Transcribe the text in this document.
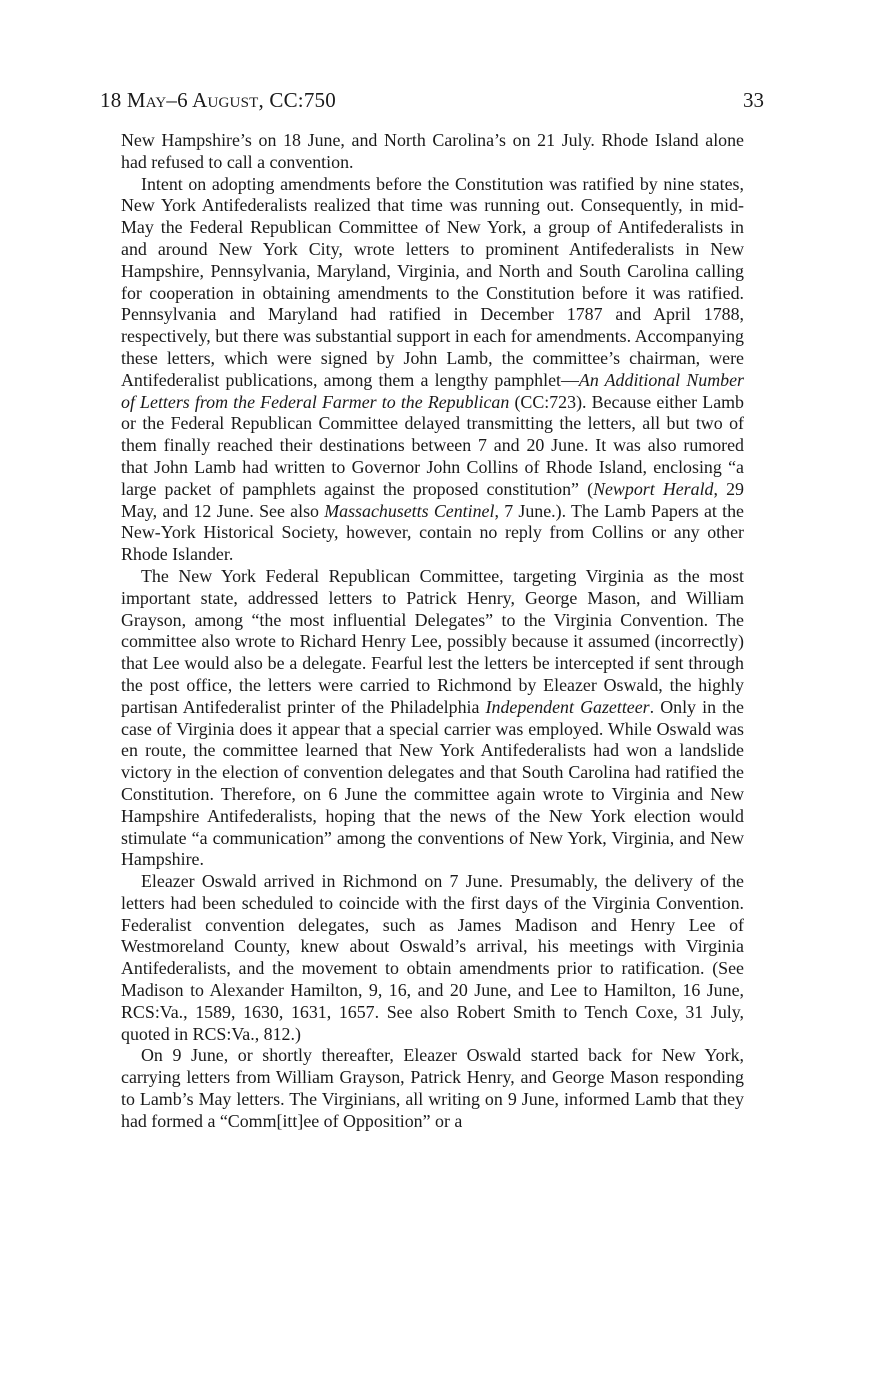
18 May–6 August, CC:750	33

New Hampshire’s on 18 June, and North Carolina’s on 21 July. Rhode Island alone had refused to call a convention.

Intent on adopting amendments before the Constitution was ratified by nine states, New York Antifederalists realized that time was running out. Consequently, in mid-May the Federal Republican Committee of New York, a group of Antifederalists in and around New York City, wrote letters to prominent Antifederalists in New Hampshire, Pennsylvania, Maryland, Virginia, and North and South Carolina calling for cooperation in obtaining amendments to the Constitution before it was ratified. Pennsylvania and Maryland had ratified in December 1787 and April 1788, respectively, but there was substantial support in each for amendments. Accompanying these letters, which were signed by John Lamb, the committee’s chairman, were Antifederalist publications, among them a lengthy pamphlet—An Additional Number of Letters from the Federal Farmer to the Republican (CC:723). Because either Lamb or the Federal Republican Committee delayed transmitting the letters, all but two of them finally reached their destinations between 7 and 20 June. It was also rumored that John Lamb had written to Governor John Collins of Rhode Island, enclosing “a large packet of pamphlets against the proposed constitution” (Newport Herald, 29 May, and 12 June. See also Massachusetts Centinel, 7 June.). The Lamb Papers at the New-York Historical Society, however, contain no reply from Collins or any other Rhode Islander.

The New York Federal Republican Committee, targeting Virginia as the most important state, addressed letters to Patrick Henry, George Mason, and William Grayson, among “the most influential Delegates” to the Virginia Convention. The committee also wrote to Richard Henry Lee, possibly because it assumed (incorrectly) that Lee would also be a delegate. Fearful lest the letters be intercepted if sent through the post office, the letters were carried to Richmond by Eleazer Oswald, the highly partisan Antifederalist printer of the Philadelphia Independent Gazetteer. Only in the case of Virginia does it appear that a special carrier was employed. While Oswald was en route, the committee learned that New York Antifederalists had won a landslide victory in the election of convention delegates and that South Carolina had ratified the Constitution. Therefore, on 6 June the committee again wrote to Virginia and New Hampshire Antifederalists, hoping that the news of the New York election would stimulate “a communication” among the conventions of New York, Virginia, and New Hampshire.

Eleazer Oswald arrived in Richmond on 7 June. Presumably, the delivery of the letters had been scheduled to coincide with the first days of the Virginia Convention. Federalist convention delegates, such as James Madison and Henry Lee of Westmoreland County, knew about Oswald’s arrival, his meetings with Virginia Antifederalists, and the movement to obtain amendments prior to ratification. (See Madison to Alexander Hamilton, 9, 16, and 20 June, and Lee to Hamilton, 16 June, RCS:Va., 1589, 1630, 1631, 1657. See also Robert Smith to Tench Coxe, 31 July, quoted in RCS:Va., 812.)

On 9 June, or shortly thereafter, Eleazer Oswald started back for New York, carrying letters from William Grayson, Patrick Henry, and George Mason responding to Lamb’s May letters. The Virginians, all writing on 9 June, informed Lamb that they had formed a “Comm[itt]ee of Opposition” or a
